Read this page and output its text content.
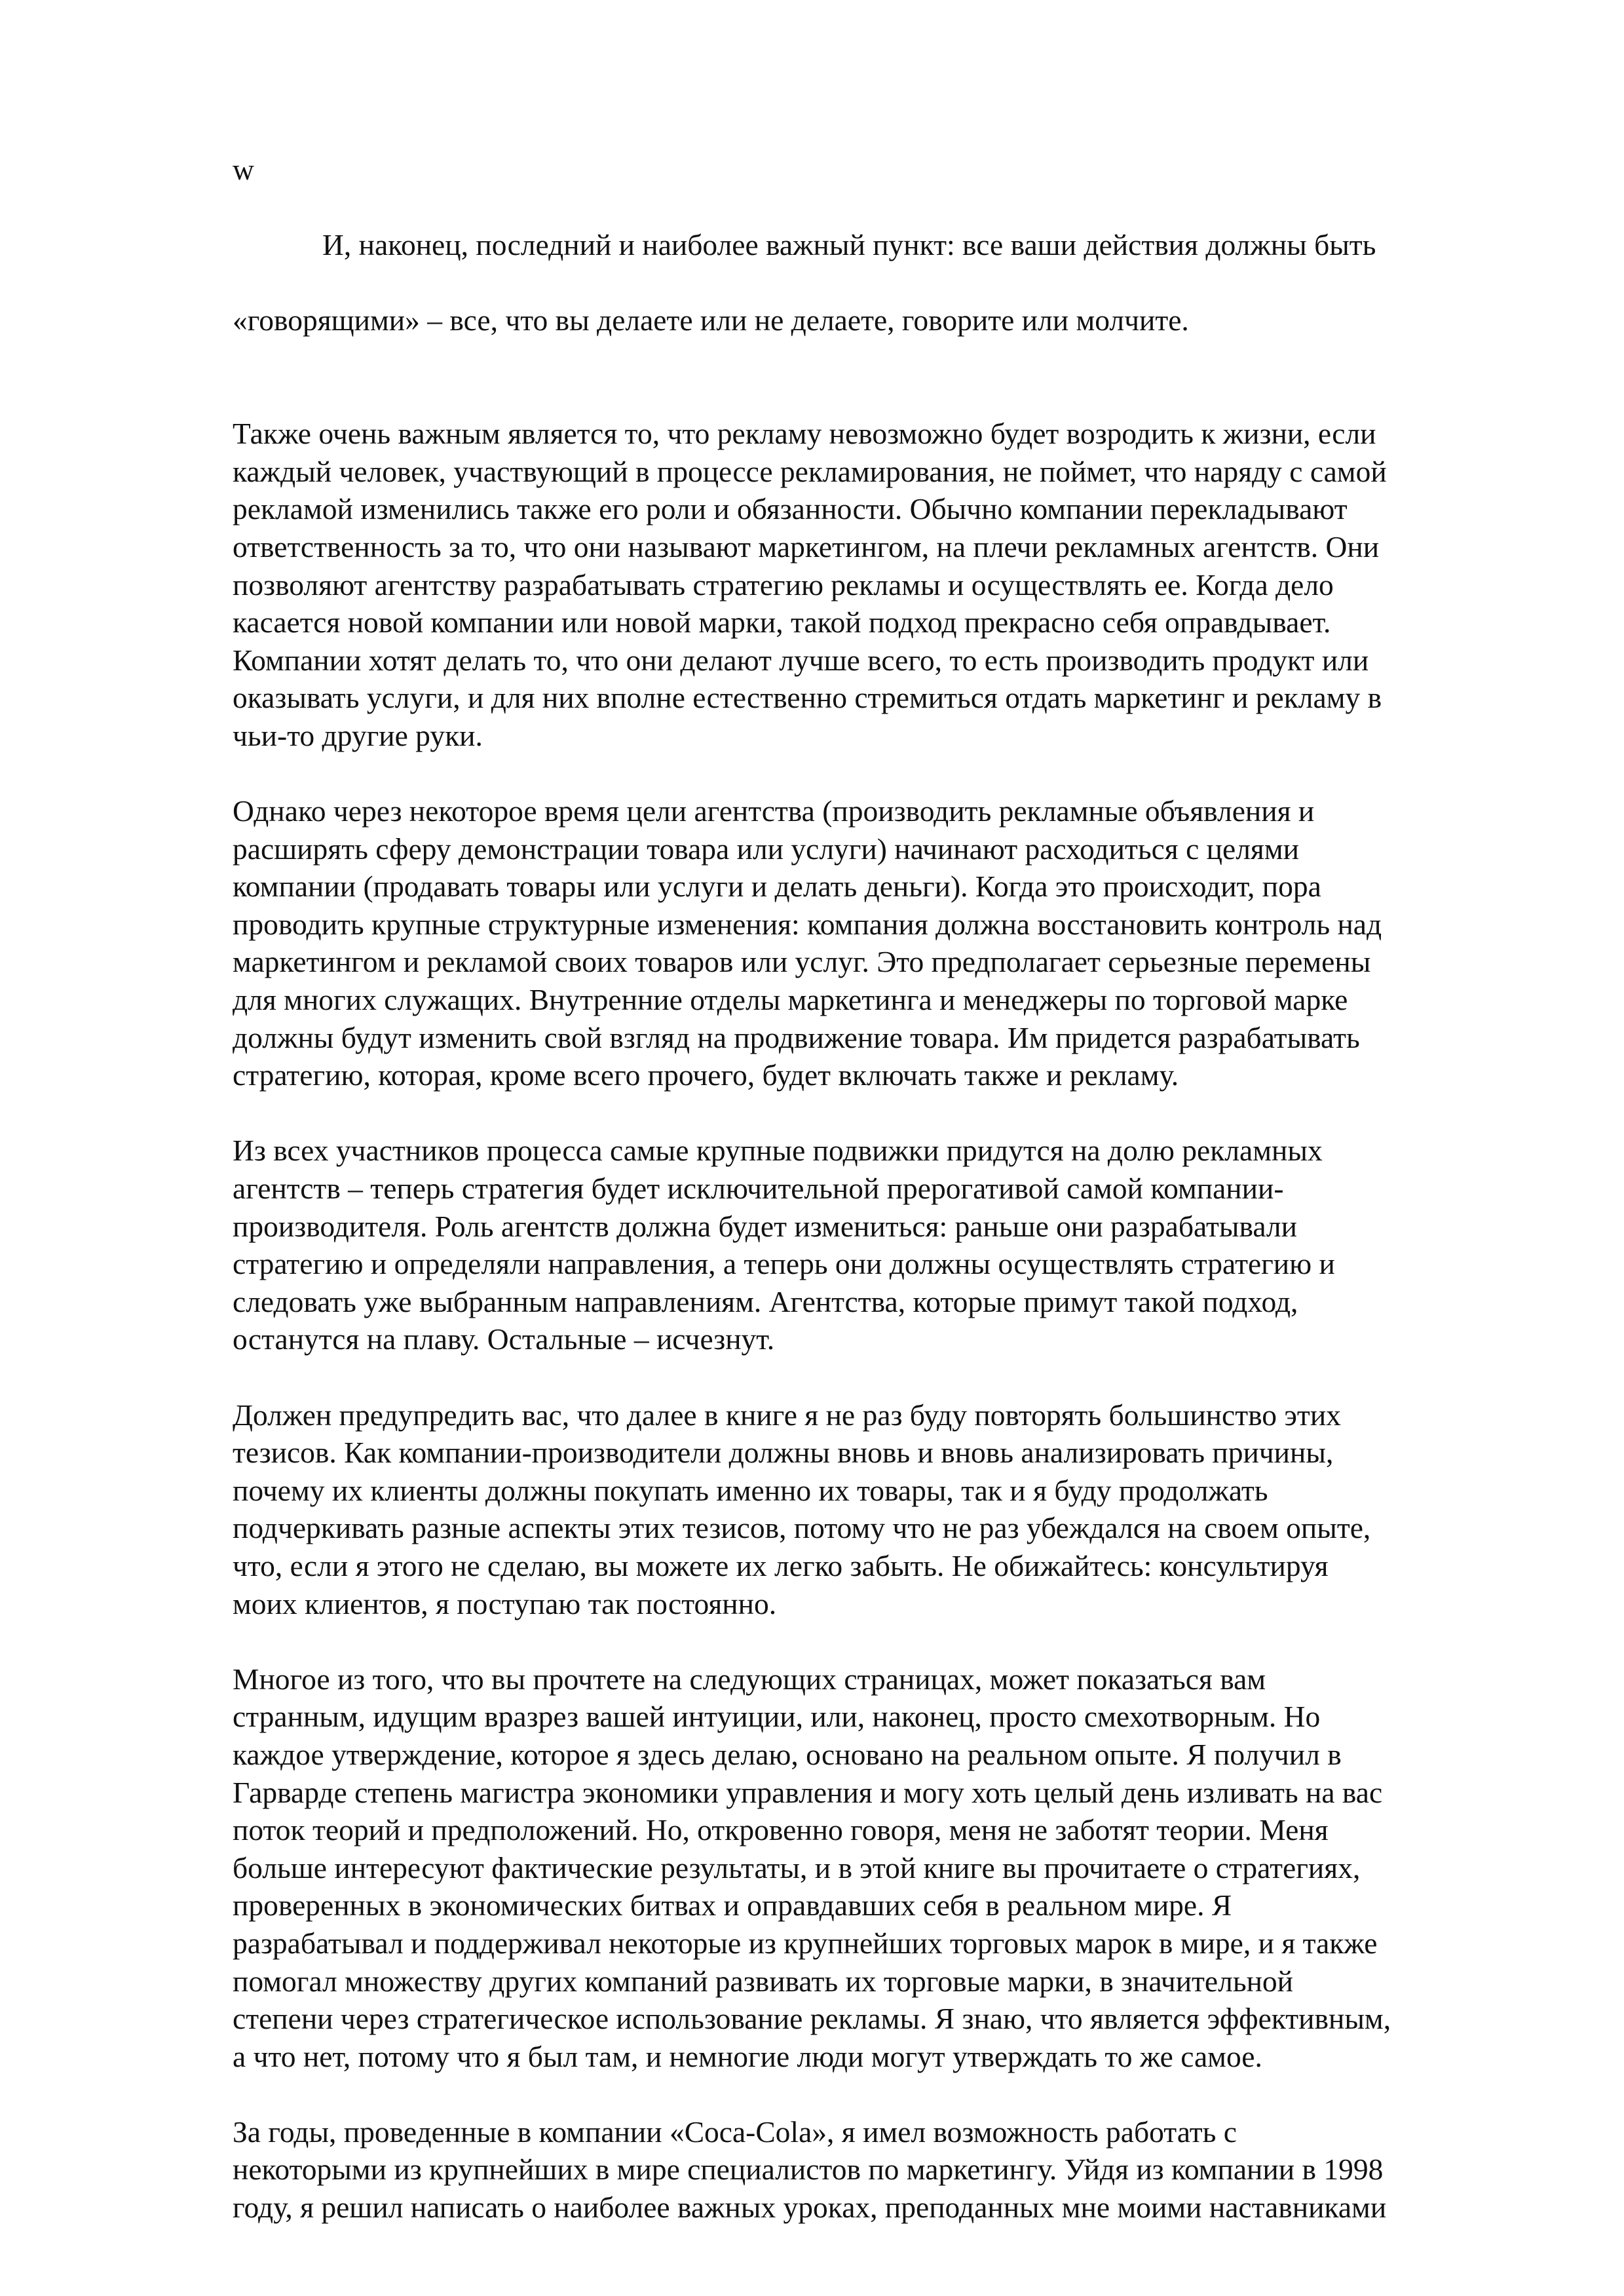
w

И, наконец, последний и наиболее важный пункт: все ваши действия должны быть

«говорящими» – все, что вы делаете или не делаете, говорите или молчите.

Также очень важным является то, что рекламу невозможно будет возродить к жизни, если
каждый человек, участвующий в процессе рекламирования, не поймет, что наряду с самой
рекламой изменились также его роли и обязанности. Обычно компании перекладывают
ответственность за то, что они называют маркетингом, на плечи рекламных агентств. Они
позволяют агентству разрабатывать стратегию рекламы и осуществлять ее. Когда дело
касается новой компании или новой марки, такой подход прекрасно себя оправдывает.
Компании хотят делать то, что они делают лучше всего, то есть производить продукт или
оказывать услуги, и для них вполне естественно стремиться отдать маркетинг и рекламу в
чьи-то другие руки.

Однако через некоторое время цели агентства (производить рекламные объявления и
расширять сферу демонстрации товара или услуги) начинают расходиться с целями
компании (продавать товары или услуги и делать деньги). Когда это происходит, пора
проводить крупные структурные изменения: компания должна восстановить контроль над
маркетингом и рекламой своих товаров или услуг. Это предполагает серьезные перемены
для многих служащих. Внутренние отделы маркетинга и менеджеры по торговой марке
должны будут изменить свой взгляд на продвижение товара. Им придется разрабатывать
стратегию, которая, кроме всего прочего, будет включать также и рекламу.

Из всех участников процесса самые крупные подвижки придутся на долю рекламных
агентств – теперь стратегия будет исключительной прерогативой самой компании-
производителя. Роль агентств должна будет измениться: раньше они разрабатывали
стратегию и определяли направления, а теперь они должны осуществлять стратегию и
следовать уже выбранным направлениям. Агентства, которые примут такой подход,
останутся на плаву. Остальные – исчезнут.

Должен предупредить вас, что далее в книге я не раз буду повторять большинство этих
тезисов. Как компании-производители должны вновь и вновь анализировать причины,
почему их клиенты должны покупать именно их товары, так и я буду продолжать
подчеркивать разные аспекты этих тезисов, потому что не раз убеждался на своем опыте,
что, если я этого не сделаю, вы можете их легко забыть. Не обижайтесь: консультируя
моих клиентов, я поступаю так постоянно.

Многое из того, что вы прочтете на следующих страницах, может показаться вам
странным, идущим вразрез вашей интуиции, или, наконец, просто смехотворным. Но
каждое утверждение, которое я здесь делаю, основано на реальном опыте. Я получил в
Гарварде степень магистра экономики управления и могу хоть целый день изливать на вас
поток теорий и предположений. Но, откровенно говоря, меня не заботят теории. Меня
больше интересуют фактические результаты, и в этой книге вы прочитаете о стратегиях,
проверенных в экономических битвах и оправдавших себя в реальном мире. Я
разрабатывал и поддерживал некоторые из крупнейших торговых марок в мире, и я также
помогал множеству других компаний развивать их торговые марки, в значительной
степени через стратегическое использование рекламы. Я знаю, что является эффективным,
а что нет, потому что я был там, и немногие люди могут утверждать то же самое.

За годы, проведенные в компании «Coca-Cola», я имел возможность работать с
некоторыми из крупнейших в мире специалистов по маркетингу. Уйдя из компании в 1998
году, я решил написать о наиболее важных уроках, преподанных мне моими наставниками
